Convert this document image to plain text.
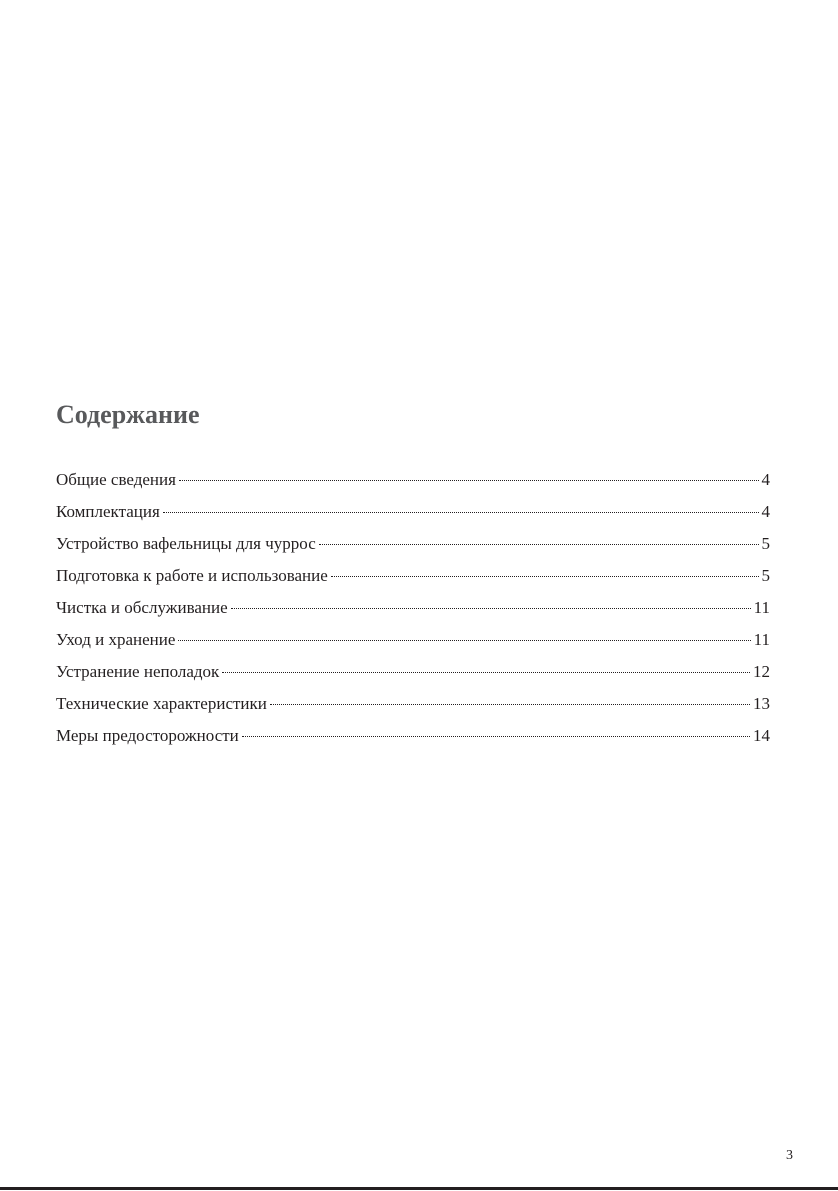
Содержание
Общие сведения	4
Комплектация	4
Устройство вафельницы для чуррос	5
Подготовка к работе и использование	5
Чистка и обслуживание	11
Уход и хранение	11
Устранение неполадок	12
Технические характеристики	13
Меры предосторожности	14
3
